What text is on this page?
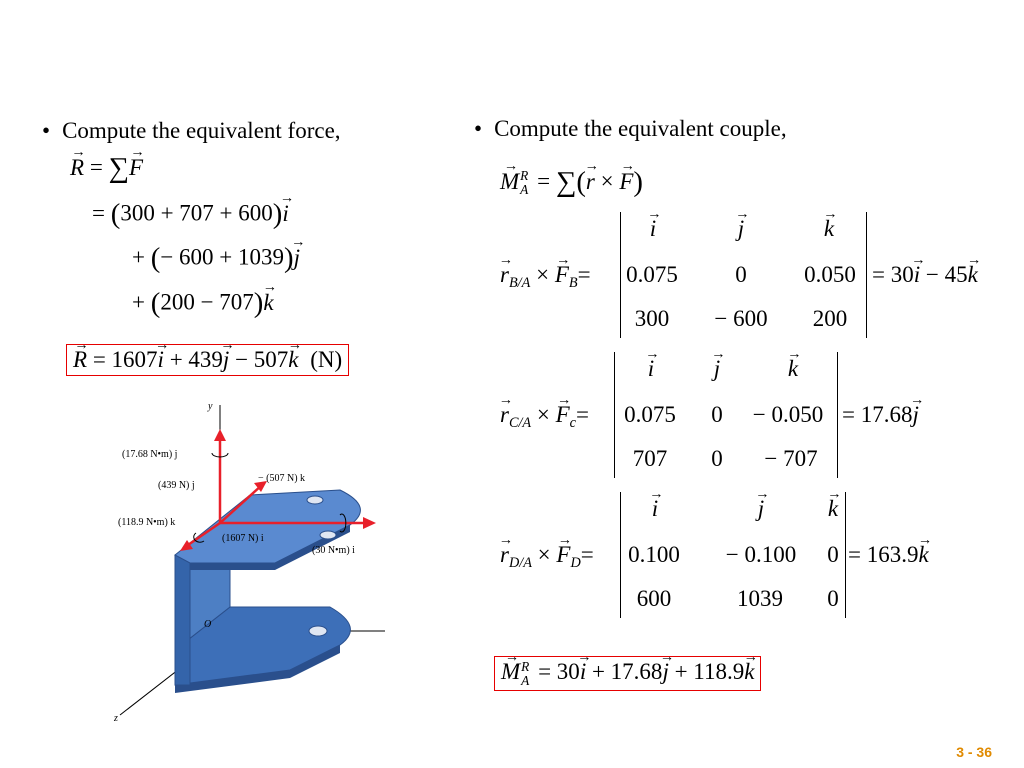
• Compute the equivalent force,
→ R = ∑→ F
= (300 + 707 + 600)→ i
+ (− 600 + 1039)→ j
+ (200 − 707)→ k
→ R = 1607→ i + 439→ j − 507→ k (N)
z
y
O
(17.68 N•m) j
(439 N) j
− (507 N) k
(118.9 N•m) k
(1607 N) i
(30 N•m) i
• Compute the equivalent couple,
→ MR
A = ∑(→ r × → F)
→ $r_{B/A}$ × → $F_B=$
→ i	→ j	→ k
0.075	0	0.050
300	− 600	200
= 30→ i − 45→ k
→ $r_{C/A}$ × → $F_c=$
→ i	→ j	→ k
0.075	0	− 0.050
707	0	− 707
= 17.68→ j
→ $r_{D/A}$ × → $F_D=$
→ i	→ j	→ k
0.100	− 0.100	0
600	1039	0
= 163.9→ k
→ MR
A = 30→ i + 17.68→ j + 118.9→ k
3 - 36
